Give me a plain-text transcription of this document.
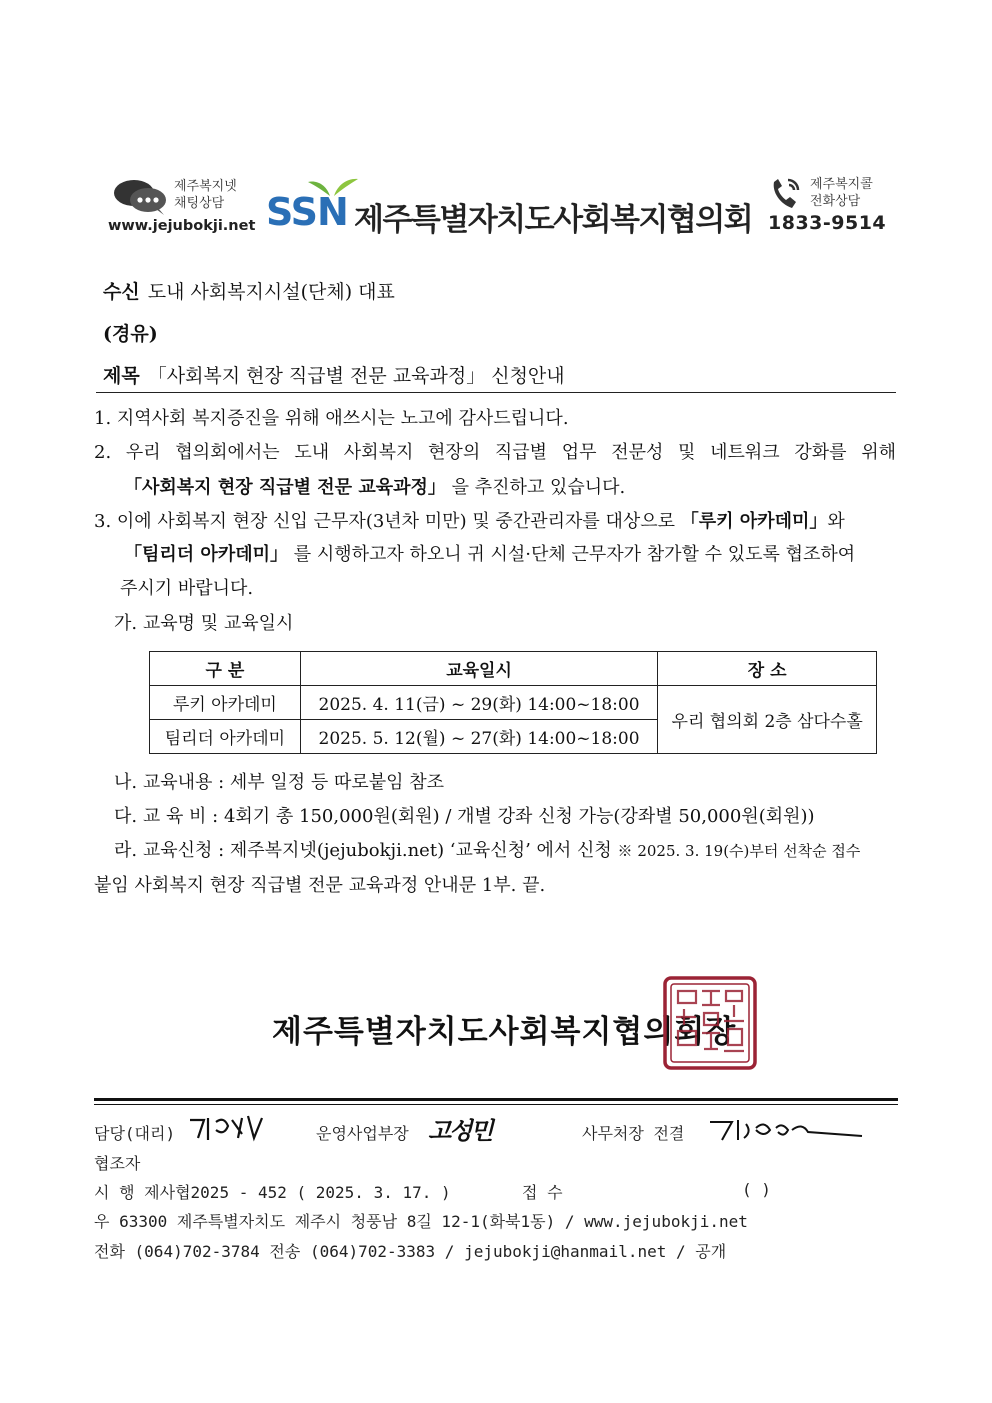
제주복지넷
채팅상담
www.jejubokji.net SSN 제주특별자치도사회복지협의회
제주복지콜
전화상담
1833-9514
수신 도내 사회복지시설(단체) 대표
(경유)
제목 「사회복지 현장 직급별 전문 교육과정」 신청안내
1. 지역사회 복지증진을 위해 애쓰시는 노고에 감사드립니다.
2. 우리 협의회에서는 도내 사회복지 현장의 직급별 업무 전문성 및 네트워크 강화를 위해
「사회복지 현장 직급별 전문 교육과정」 을 추진하고 있습니다.
3. 이에 사회복지 현장 신입 근무자(3년차 미만) 및 중간관리자를 대상으로 「루키 아카데미」와
「팀리더 아카데미」 를 시행하고자 하오니 귀 시설·단체 근무자가 참가할 수 있도록 협조하여
주시기 바랍니다.
가. 교육명 및 교육일시
구 분	교육일시	장 소
루키 아카데미	2025. 4. 11(금) ~ 29(화) 14:00~18:00	우리 협의회 2층 삼다수홀
팀리더 아카데미	2025. 5. 12(월) ~ 27(화) 14:00~18:00	
나. 교육내용 : 세부 일정 등 따로붙임 참조
다. 교 육 비 : 4회기 총 150,000원(회원) / 개별 강좌 신청 가능(강좌별 50,000원(회원))
라. 교육신청 : 제주복지넷(jejubokji.net) ‘교육신청’ 에서 신청 ※ 2025. 3. 19(수)부터 선착순 접수
붙임 사회복지 현장 직급별 전문 교육과정 안내문 1부. 끝.
제주특별자치도사회복지협의회장
담당(대리)	운영사업부장 고성민	사무처장 전결
협조자
시 행 제사협2025 - 452 ( 2025. 3. 17. )	접 수	( )
우 63300 제주특별자치도 제주시 청풍남 8길 12-1(화북1동) / www.jejubokji.net
전화 (064)702-3784 전송 (064)702-3383 / jejubokji@hanmail.net / 공개
